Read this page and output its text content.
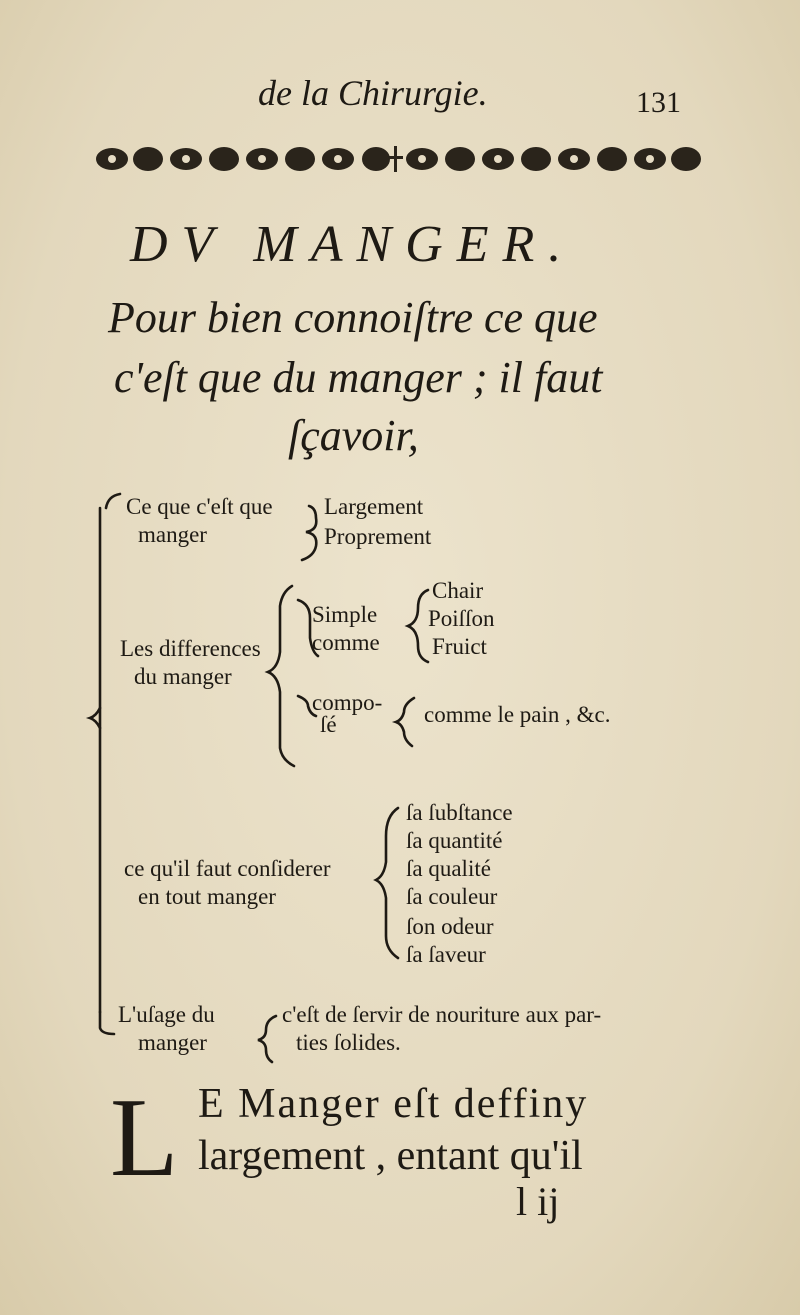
de la Chirurgie.	131
DV MANGER.
Pour bien connoiſtre ce que
c'eſt que du manger ; il faut
ſçavoir,
Ce que c'eſt que
manger
Largement
Proprement
Les differences
du manger
Simple
comme
Chair
Poiſſon
Fruict
compo-
ſé	comme le pain , &c.
ce qu'il faut conſiderer
en tout manger
ſa ſubſtance
ſa quantité
ſa qualité
ſa couleur
ſon odeur
ſa ſaveur
L'uſage du
manger
c'eſt de ſervir de nouriture aux par-
ties ſolides.
L E Manger eſt deffiny
largement , entant qu'il
l ij
